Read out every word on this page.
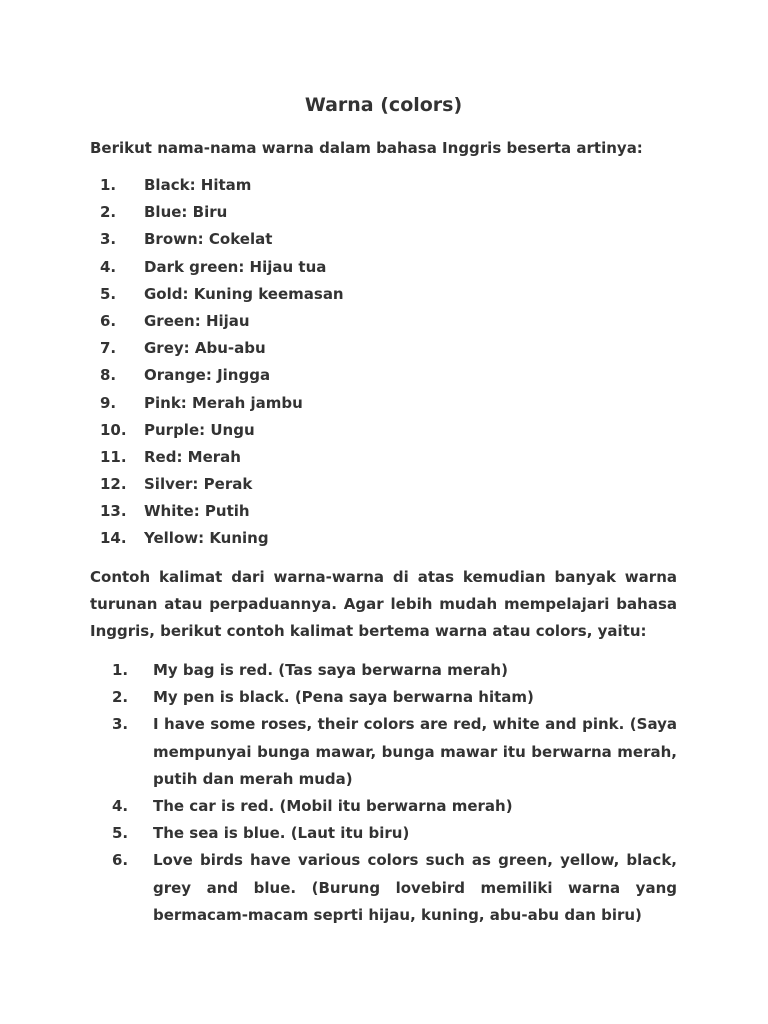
Warna (colors)

Berikut nama-nama warna dalam bahasa Inggris beserta artinya:

1.	Black: Hitam
2.	Blue: Biru
3.	Brown: Cokelat
4.	Dark green: Hijau tua
5.	Gold: Kuning keemasan
6.	Green: Hijau
7.	Grey: Abu-abu
8.	Orange: Jingga
9.	Pink: Merah jambu
10.	Purple: Ungu
11.	Red: Merah
12.	Silver: Perak
13.	White: Putih
14.	Yellow: Kuning

Contoh kalimat dari warna-warna di atas kemudian banyak warna turunan atau perpaduannya. Agar lebih mudah mempelajari bahasa Inggris, berikut contoh kalimat bertema warna atau colors, yaitu:

1. My bag is red. (Tas saya berwarna merah)
2. My pen is black. (Pena saya berwarna hitam)
3. I have some roses, their colors are red, white and pink. (Saya mempunyai bunga mawar, bunga mawar itu berwarna merah, putih dan merah muda)
4. The car is red. (Mobil itu berwarna merah)
5. The sea is blue. (Laut itu biru)
6. Love birds have various colors such as green, yellow, black, grey and blue. (Burung lovebird memiliki warna yang bermacam-macam seprti hijau, kuning, abu-abu dan biru)
